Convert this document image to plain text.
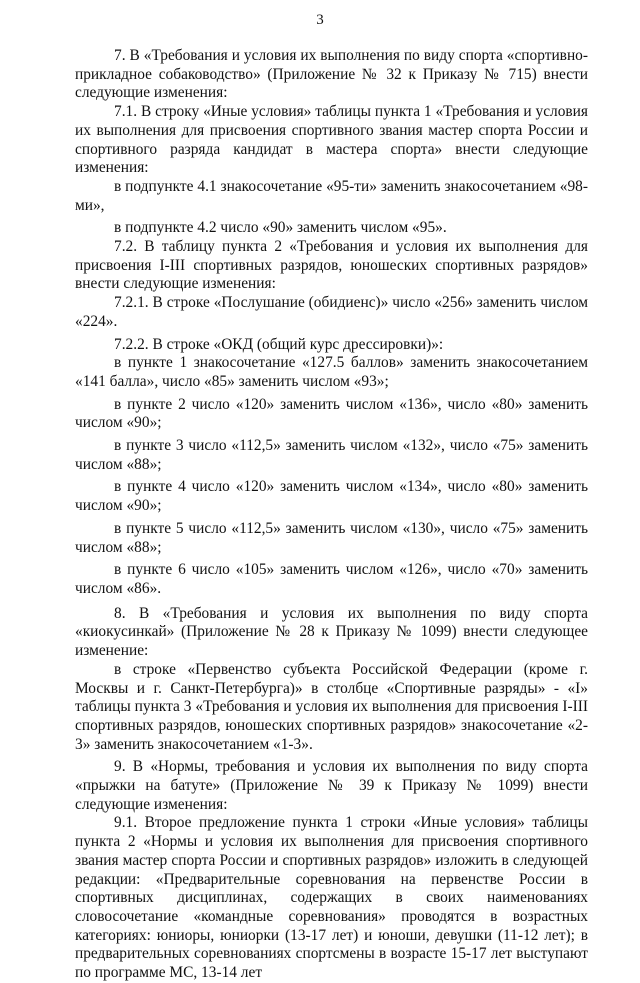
3

7. В «Требования и условия их выполнения по виду спорта «спортивно-прикладное собаководство» (Приложение № 32 к Приказу № 715) внести следующие изменения:

7.1. В строку «Иные условия» таблицы пункта 1 «Требования и условия их выполнения для присвоения спортивного звания мастер спорта России и спортивного разряда кандидат в мастера спорта» внести следующие изменения:

в подпункте 4.1 знакосочетание «95-ти» заменить знакосочетанием «98-ми»,

в подпункте 4.2 число «90» заменить числом «95».

7.2. В таблицу пункта 2 «Требования и условия их выполнения для присвоения I-III спортивных разрядов, юношеских спортивных разрядов» внести следующие изменения:

7.2.1. В строке «Послушание (обидиенс)» число «256» заменить числом «224».

7.2.2. В строке «ОКД (общий курс дрессировки)»:

в пункте 1 знакосочетание «127.5 баллов» заменить знакосочетанием «141 балла», число «85» заменить числом «93»;

в пункте 2 число «120» заменить числом «136», число «80» заменить числом «90»;

в пункте 3 число «112,5» заменить числом «132», число «75» заменить числом «88»;

в пункте 4 число «120» заменить числом «134», число «80» заменить числом «90»;

в пункте 5 число «112,5» заменить числом «130», число «75» заменить числом «88»;

в пункте 6 число «105» заменить числом «126», число «70» заменить числом «86».

8. В «Требования и условия их выполнения по виду спорта «киокусинкай» (Приложение № 28 к Приказу № 1099) внести следующее изменение:

в строке «Первенство субъекта Российской Федерации (кроме г. Москвы и г. Санкт-Петербурга)» в столбце «Спортивные разряды» - «I» таблицы пункта 3 «Требования и условия их выполнения для присвоения I-III спортивных разрядов, юношеских спортивных разрядов» знакосочетание «2-3» заменить знакосочетанием «1-3».

9. В «Нормы, требования и условия их выполнения по виду спорта «прыжки на батуте» (Приложение № 39 к Приказу № 1099) внести следующие изменения:

9.1. Второе предложение пункта 1 строки «Иные условия» таблицы пункта 2 «Нормы и условия их выполнения для присвоения спортивного звания мастер спорта России и спортивных разрядов» изложить в следующей редакции: «Предварительные соревнования на первенстве России в спортивных дисциплинах, содержащих в своих наименованиях словосочетание «командные соревнования» проводятся в возрастных категориях: юниоры, юниорки (13-17 лет) и юноши, девушки (11-12 лет); в предварительных соревнованиях спортсмены в возрасте 15-17 лет выступают по программе МС, 13-14 лет
